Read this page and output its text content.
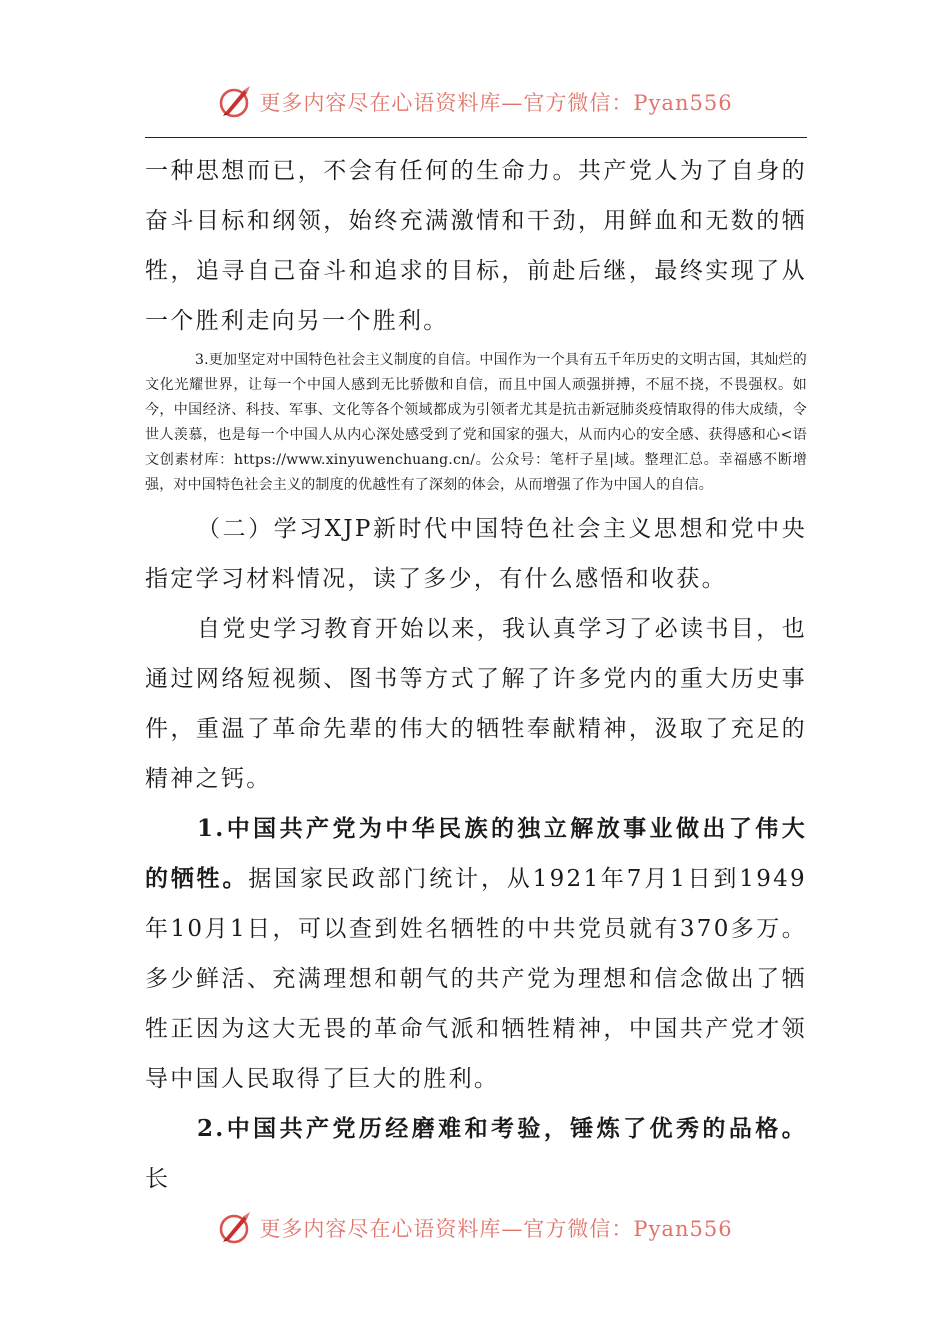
更多内容尽在心语资料库—官方微信：Pyan556

一种思想而已，不会有任何的生命力。共产党人为了自身的奋斗目标和纲领，始终充满激情和干劲，用鲜血和无数的牺牲，追寻自己奋斗和追求的目标，前赴后继，最终实现了从一个胜利走向另一个胜利。

3.更加坚定对中国特色社会主义制度的自信。中国作为一个具有五千年历史的文明古国，其灿烂的文化光耀世界，让每一个中国人感到无比骄傲和自信，而且中国人顽强拼搏，不屈不挠，不畏强权。如今，中国经济、科技、军事、文化等各个领域都成为引领者尤其是抗击新冠肺炎疫情取得的伟大成绩，令世人羡慕，也是每一个中国人从内心深处感受到了党和国家的强大，从而内心的安全感、获得感和心<语文创素材库：https://www.xinyuwenchuang.cn/。公众号：笔杆子星|域。整理汇总。幸福感不断增强，对中国特色社会主义的制度的优越性有了深刻的体会，从而增强了作为中国人的自信。

（二）学习XJP新时代中国特色社会主义思想和党中央指定学习材料情况，读了多少，有什么感悟和收获。

自党史学习教育开始以来，我认真学习了必读书目，也通过网络短视频、图书等方式了解了许多党内的重大历史事件，重温了革命先辈的伟大的牺牲奉献精神，汲取了充足的精神之钙。

1.中国共产党为中华民族的独立解放事业做出了伟大的牺牲。据国家民政部门统计，从1921年7月1日到1949年10月1日，可以查到姓名牺牲的中共党员就有370多万。多少鲜活、充满理想和朝气的共产党为理想和信念做出了牺牲正因为这大无畏的革命气派和牺牲精神，中国共产党才领导中国人民取得了巨大的胜利。

2.中国共产党历经磨难和考验，锤炼了优秀的品格。长

更多内容尽在心语资料库—官方微信：Pyan556
